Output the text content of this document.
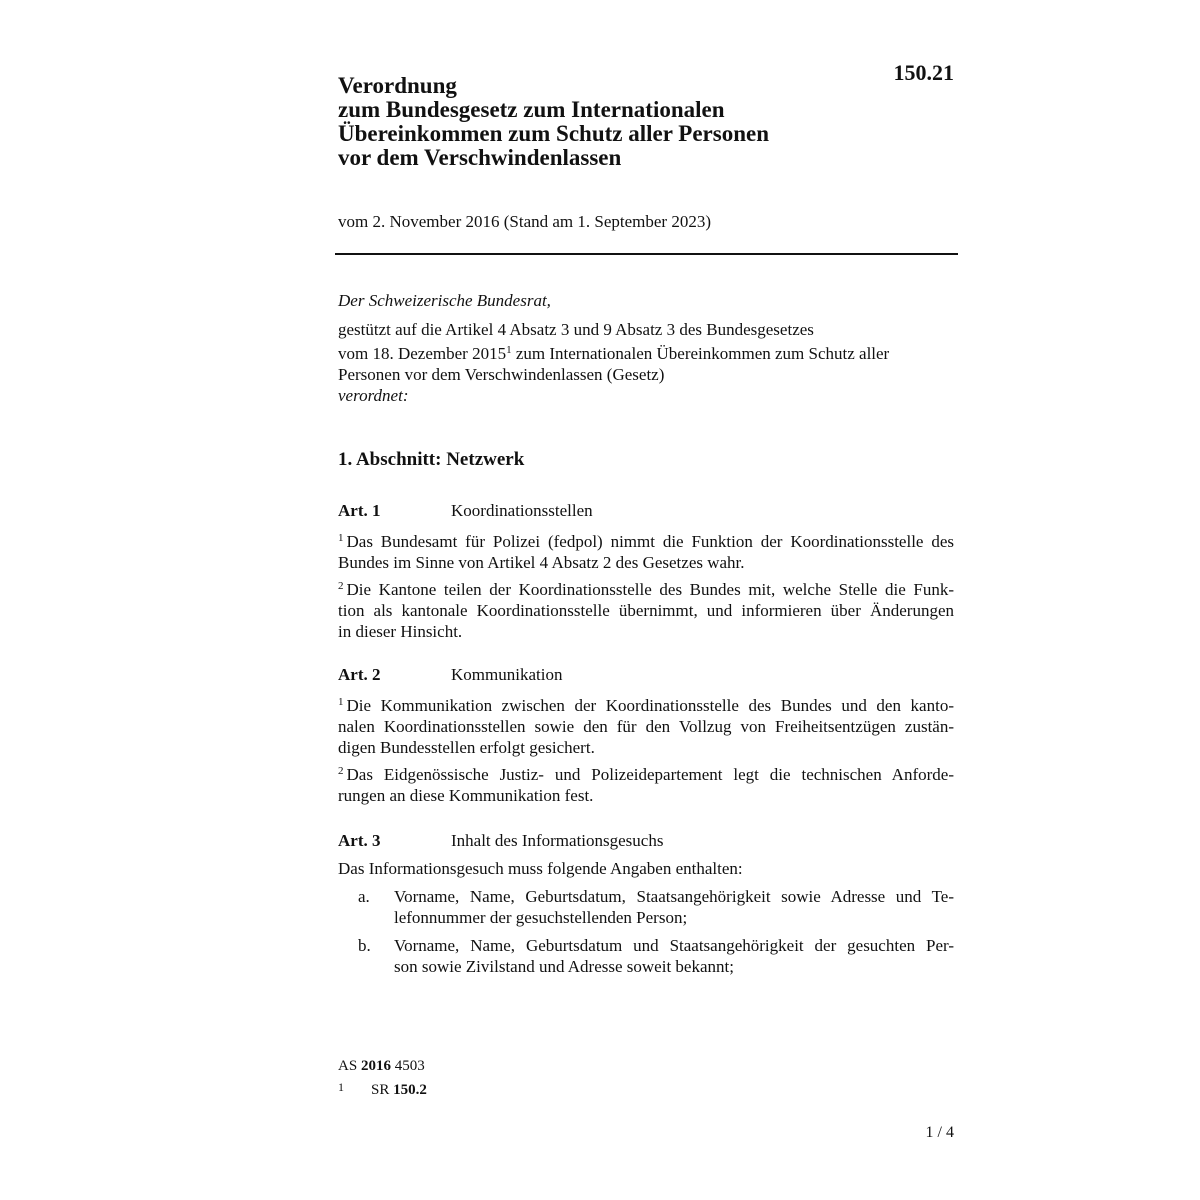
150.21
Verordnung
zum Bundesgesetz zum Internationalen
Übereinkommen zum Schutz aller Personen
vor dem Verschwindenlassen
vom 2. November 2016 (Stand am 1. September 2023)
Der Schweizerische Bundesrat,
gestützt auf die Artikel 4 Absatz 3 und 9 Absatz 3 des Bundesgesetzes
vom 18. Dezember 2015$^1$ zum Internationalen Übereinkommen zum Schutz aller
Personen vor dem Verschwindenlassen (Gesetz)
verordnet:
1. Abschnitt: Netzwerk
Art. 1	Koordinationsstellen
$^1$ Das Bundesamt für Polizei (fedpol) nimmt die Funktion der Koordinationsstelle des
Bundes im Sinne von Artikel 4 Absatz 2 des Gesetzes wahr.
$^2$ Die Kantone teilen der Koordinationsstelle des Bundes mit, welche Stelle die Funk-
tion als kantonale Koordinationsstelle übernimmt, und informieren über Änderungen
in dieser Hinsicht.
Art. 2	Kommunikation
$^1$ Die Kommunikation zwischen der Koordinationsstelle des Bundes und den kanto-
nalen Koordinationsstellen sowie den für den Vollzug von Freiheitsentzügen zustän-
digen Bundesstellen erfolgt gesichert.
$^2$ Das Eidgenössische Justiz- und Polizeidepartement legt die technischen Anforde-
rungen an diese Kommunikation fest.
Art. 3	Inhalt des Informationsgesuchs
Das Informationsgesuch muss folgende Angaben enthalten:
a. Vorname, Name, Geburtsdatum, Staatsangehörigkeit sowie Adresse und Te-
lefonnummer der gesuchstellenden Person;
b. Vorname, Name, Geburtsdatum und Staatsangehörigkeit der gesuchten Per-
son sowie Zivilstand und Adresse soweit bekannt;
AS 2016 4503
1 SR 150.2
1 / 4
